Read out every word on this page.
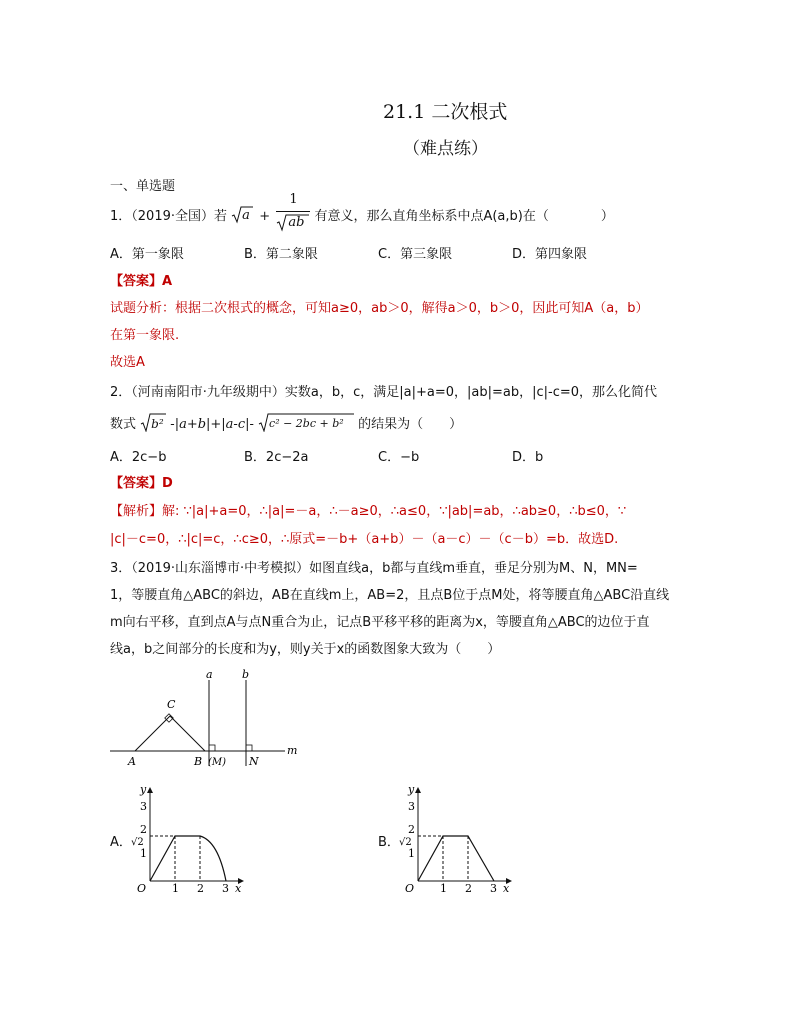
21.1 二次根式
（难点练）
一、单选题
1．（2019·全国）若 $a + \frac{1}{ab}$ 有意义，那么直角坐标系中点A(a,b)在（　　　　）
A．第一象限	B．第二象限	C．第三象限	D．第四象限
【答案】A
试题分析：根据二次根式的概念，可知a≥0，ab＞0，解得a＞0，b＞0，因此可知A（a，b）
在第一象限.
故选A
2．（河南南阳市·九年级期中）实数a，b，c，满足|a|+a=0，|ab|=ab，|c|-c=0，那么化简代
数式 b² -|a+b|+|a-c|- c² − 2bc + b² 的结果为（　　）
A．2c−b	B．2c−2a	C．−b	D．b
【答案】D
【解析】解: ∵|a|+a=0，∴|a|=－a，∴－a≥0，∴a≤0，∵|ab|=ab，∴ab≥0，∴b≤0，∵
|c|－c=0，∴|c|=c，∴c≥0，∴原式=－b+（a+b）－（a－c）－（c－b）=b．故选D.
3．（2019·山东淄博市·中考模拟）如图直线a，b都与直线m垂直，垂足分别为M、N，MN=
1，等腰直角△ABC的斜边，AB在直线m上，AB=2，且点B位于点M处，将等腰直角△ABC沿直线
m向右平移，直到点A与点N重合为止，记点B平移平移的距离为x，等腰直角△ABC的边位于直
线a，b之间部分的长度和为y，则y关于x的函数图象大致为（　　）
a	b
m
C
A	B (M) N
A．
y
x
O 1 2 3
3
2
√2
1
B．
y
x
O 1 2 3
3
2
√2
1
